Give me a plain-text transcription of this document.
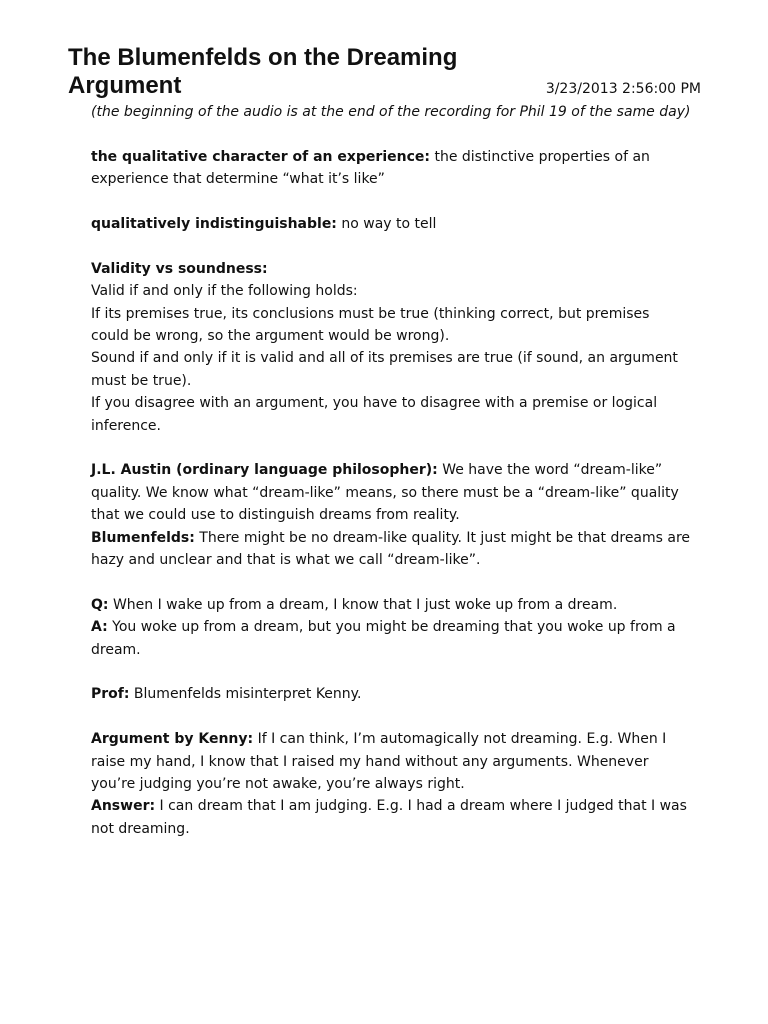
The Blumenfelds on the Dreaming Argument	3/23/2013 2:56:00 PM

(the beginning of the audio is at the end of the recording for Phil 19 of the same day)

the qualitative character of an experience: the distinctive properties of an experience that determine “what it’s like”

qualitatively indistinguishable: no way to tell

Validity vs soundness:
Valid if and only if the following holds:
If its premises true, its conclusions must be true (thinking correct, but premises could be wrong, so the argument would be wrong).
Sound if and only if it is valid and all of its premises are true (if sound, an argument must be true).
If you disagree with an argument, you have to disagree with a premise or logical inference.

J.L. Austin (ordinary language philosopher): We have the word “dream-like” quality. We know what “dream-like” means, so there must be a “dream-like” quality that we could use to distinguish dreams from reality.
Blumenfelds: There might be no dream-like quality. It just might be that dreams are hazy and unclear and that is what we call “dream-like”.

Q: When I wake up from a dream, I know that I just woke up from a dream.
A: You woke up from a dream, but you might be dreaming that you woke up from a dream.

Prof: Blumenfelds misinterpret Kenny.

Argument by Kenny: If I can think, I’m automagically not dreaming. E.g. When I raise my hand, I know that I raised my hand without any arguments. Whenever you’re judging you’re not awake, you’re always right.
Answer: I can dream that I am judging. E.g. I had a dream where I judged that I was not dreaming.
